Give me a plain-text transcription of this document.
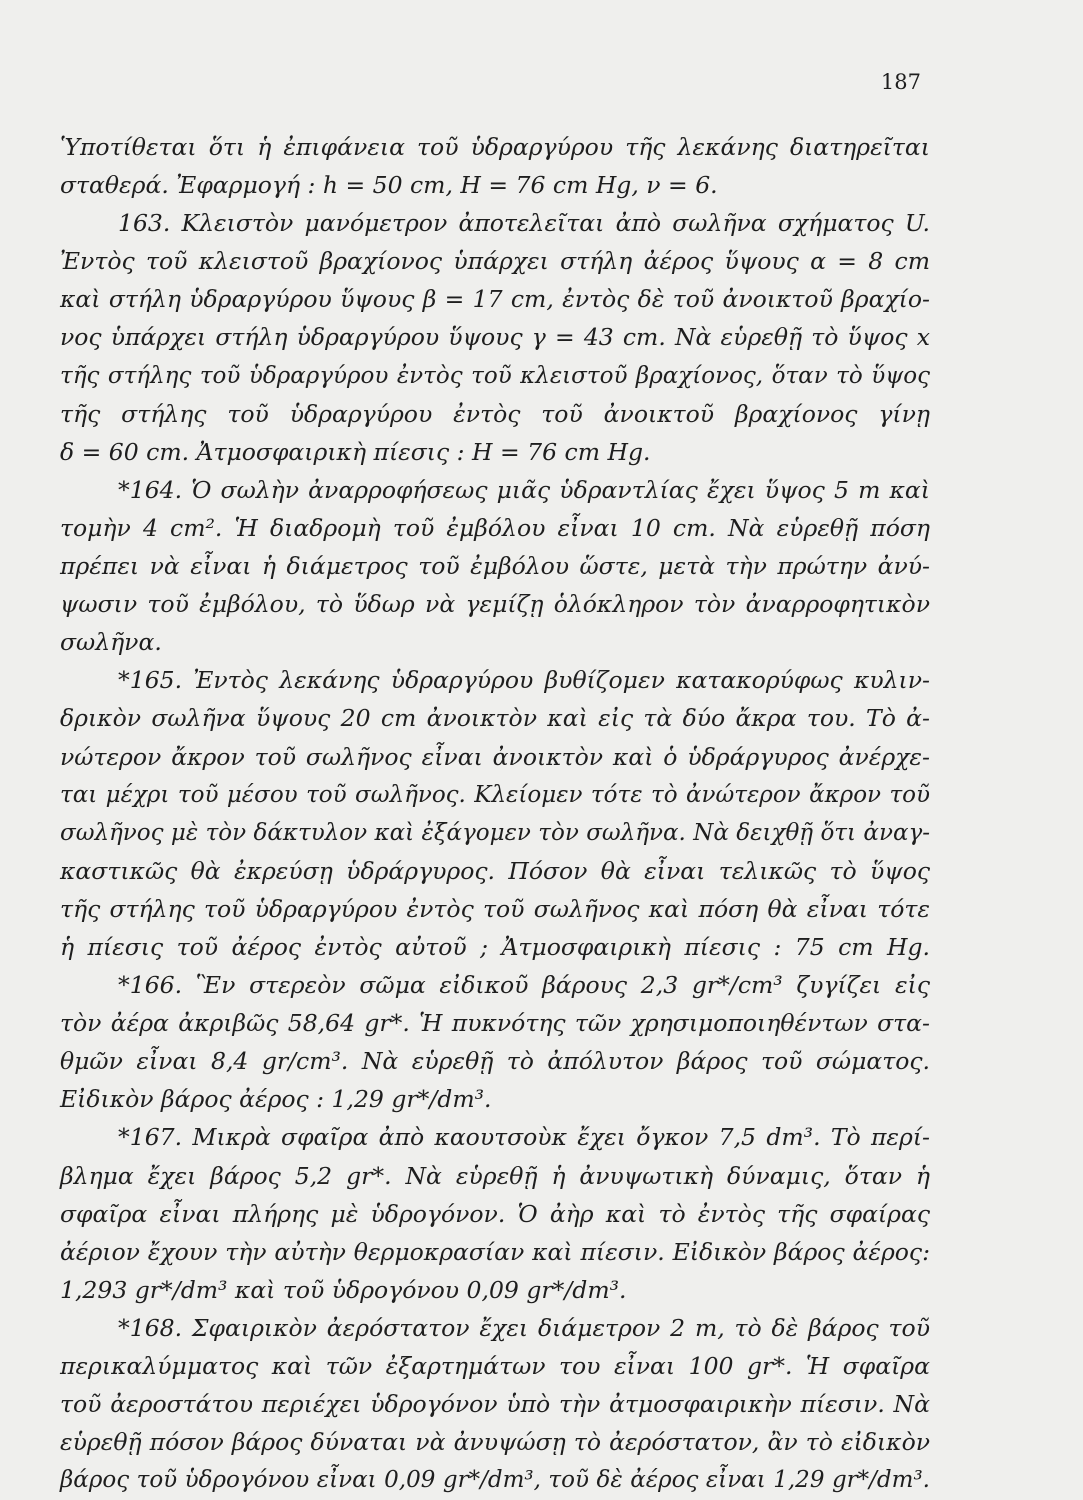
187
Ὑποτίθεται ὅτι ἡ ἐπιφάνεια τοῦ ὑδραργύρου τῆς λεκάνης διατηρεῖται
σταθερά. Ἐφαρμογή : h = 50 cm, H = 76 cm Hg, ν = 6.
163. Κλειστὸν μανόμετρον ἀποτελεῖται ἀπὸ σωλῆνα σχήματος U.
Ἐντὸς τοῦ κλειστοῦ βραχίονος ὑπάρχει στήλη ἀέρος ὕψους α = 8 cm
καὶ στήλη ὑδραργύρου ὕψους β = 17 cm, ἐντὸς δὲ τοῦ ἀνοικτοῦ βραχίο-
νος ὑπάρχει στήλη ὑδραργύρου ὕψους γ = 43 cm. Νὰ εὑρεθῇ τὸ ὕψος x
τῆς στήλης τοῦ ὑδραργύρου ἐντὸς τοῦ κλειστοῦ βραχίονος, ὅταν τὸ ὕψος
τῆς στήλης τοῦ ὑδραργύρου ἐντὸς τοῦ ἀνοικτοῦ βραχίονος γίνῃ
δ = 60 cm. Ἀτμοσφαιρικὴ πίεσις : H = 76 cm Hg.
*164. Ὁ σωλὴν ἀναρροφήσεως μιᾶς ὑδραντλίας ἔχει ὕψος 5 m καὶ
τομὴν 4 cm². Ἡ διαδρομὴ τοῦ ἐμβόλου εἶναι 10 cm. Νὰ εὑρεθῇ πόση
πρέπει νὰ εἶναι ἡ διάμετρος τοῦ ἐμβόλου ὥστε, μετὰ τὴν πρώτην ἀνύ-
ψωσιν τοῦ ἐμβόλου, τὸ ὕδωρ νὰ γεμίζῃ ὁλόκληρον τὸν ἀναρροφητικὸν
σωλῆνα.
*165. Ἐντὸς λεκάνης ὑδραργύρου βυθίζομεν κατακορύφως κυλιν-
δρικὸν σωλῆνα ὕψους 20 cm ἀνοικτὸν καὶ εἰς τὰ δύο ἄκρα του. Τὸ ἀ-
νώτερον ἄκρον τοῦ σωλῆνος εἶναι ἀνοικτὸν καὶ ὁ ὑδράργυρος ἀνέρχε-
ται μέχρι τοῦ μέσου τοῦ σωλῆνος. Κλείομεν τότε τὸ ἀνώτερον ἄκρον τοῦ
σωλῆνος μὲ τὸν δάκτυλον καὶ ἐξάγομεν τὸν σωλῆνα. Νὰ δειχθῇ ὅτι ἀναγ-
καστικῶς θὰ ἐκρεύσῃ ὑδράργυρος. Πόσον θὰ εἶναι τελικῶς τὸ ὕψος
τῆς στήλης τοῦ ὑδραργύρου ἐντὸς τοῦ σωλῆνος καὶ πόση θὰ εἶναι τότε
ἡ πίεσις τοῦ ἀέρος ἐντὸς αὐτοῦ ; Ἀτμοσφαιρικὴ πίεσις : 75 cm Hg.
*166. Ἓν στερεὸν σῶμα εἰδικοῦ βάρους 2,3 gr*/cm³ ζυγίζει εἰς
τὸν ἀέρα ἀκριβῶς 58,64 gr*. Ἡ πυκνότης τῶν χρησιμοποιηθέντων στα-
θμῶν εἶναι 8,4 gr/cm³. Νὰ εὑρεθῇ τὸ ἀπόλυτον βάρος τοῦ σώματος.
Εἰδικὸν βάρος ἀέρος : 1,29 gr*/dm³.
*167. Μικρὰ σφαῖρα ἀπὸ καουτσοὺκ ἔχει ὄγκον 7,5 dm³. Τὸ περί-
βλημα ἔχει βάρος 5,2 gr*. Νὰ εὑρεθῇ ἡ ἀνυψωτικὴ δύναμις, ὅταν ἡ
σφαῖρα εἶναι πλήρης μὲ ὑδρογόνον. Ὁ ἀὴρ καὶ τὸ ἐντὸς τῆς σφαίρας
ἀέριον ἔχουν τὴν αὐτὴν θερμοκρασίαν καὶ πίεσιν. Εἰδικὸν βάρος ἀέρος:
1,293 gr*/dm³ καὶ τοῦ ὑδρογόνου 0,09 gr*/dm³.
*168. Σφαιρικὸν ἀερόστατον ἔχει διάμετρον 2 m, τὸ δὲ βάρος τοῦ
περικαλύμματος καὶ τῶν ἐξαρτημάτων του εἶναι 100 gr*. Ἡ σφαῖρα
τοῦ ἀεροστάτου περιέχει ὑδρογόνον ὑπὸ τὴν ἀτμοσφαιρικὴν πίεσιν. Νὰ
εὑρεθῇ πόσον βάρος δύναται νὰ ἀνυψώσῃ τὸ ἀερόστατον, ἂν τὸ εἰδικὸν
βάρος τοῦ ὑδρογόνου εἶναι 0,09 gr*/dm³, τοῦ δὲ ἀέρος εἶναι 1,29 gr*/dm³.
